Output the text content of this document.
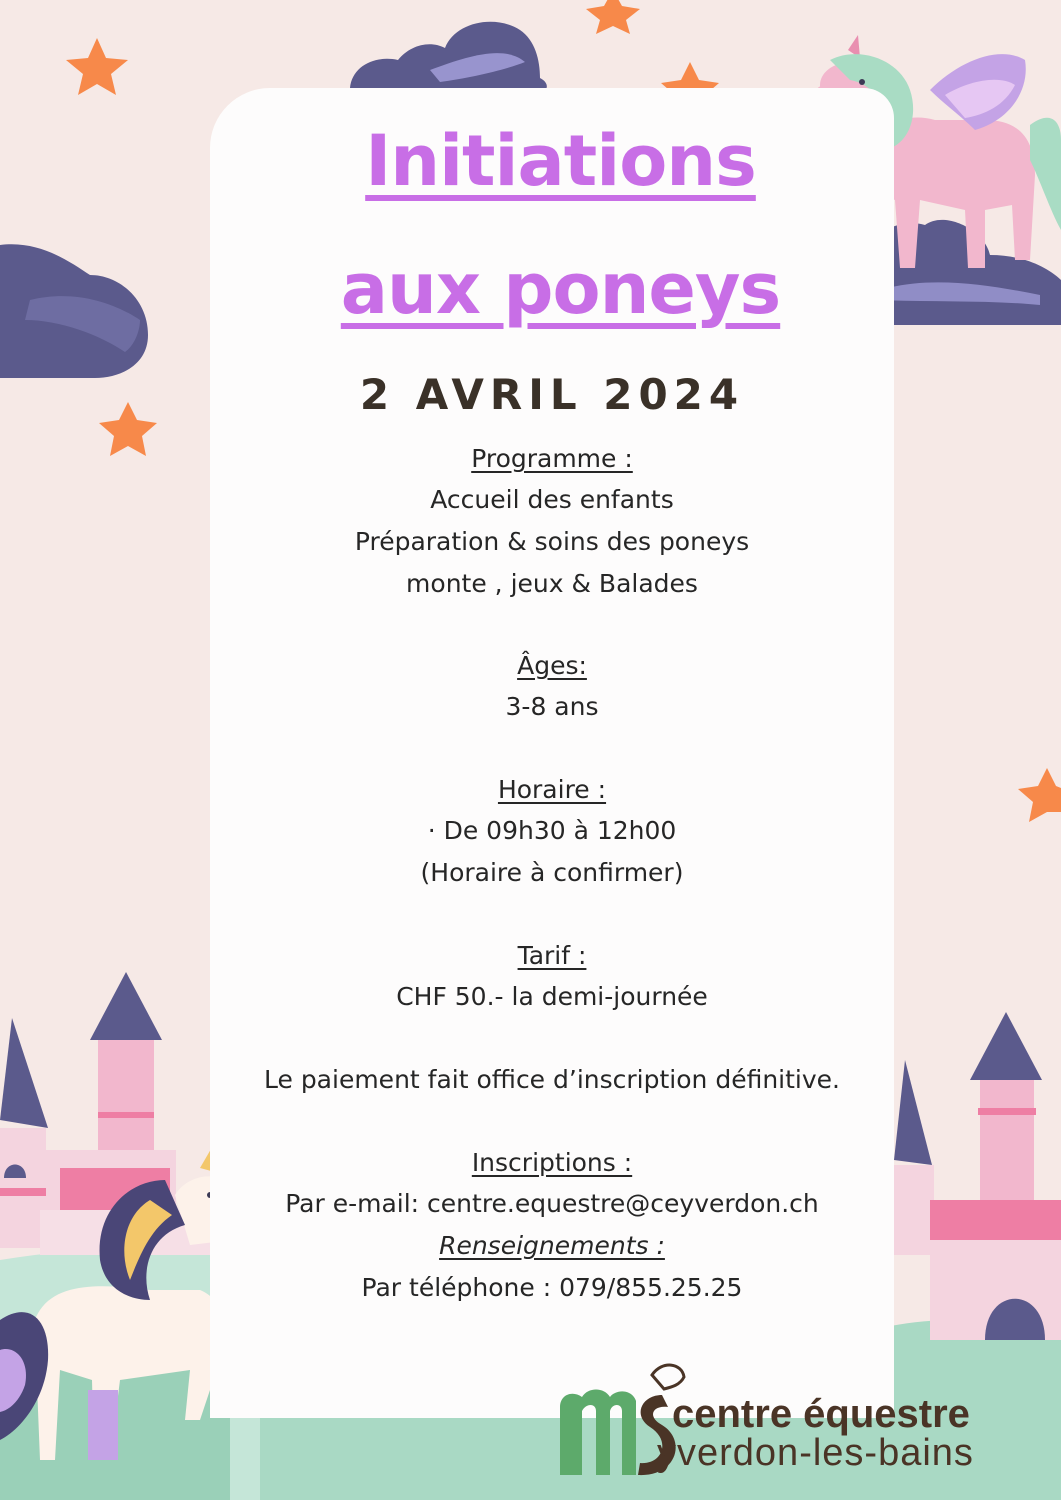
Initiations
aux poneys
2 AVRIL 2024
Programme :
Accueil des enfants
Préparation & soins des poneys
monte , jeux & Balades
Âges:
3-8 ans
Horaire :
· De 09h30 à 12h00
(Horaire à confirmer)
Tarif :
CHF 50.- la demi-journée
Le paiement fait office d’inscription définitive.
Inscriptions :
Par e-mail: centre.equestre@ceyverdon.ch
Renseignements :
Par téléphone : 079/855.25.25
centre équestre
yverdon-les-bains
